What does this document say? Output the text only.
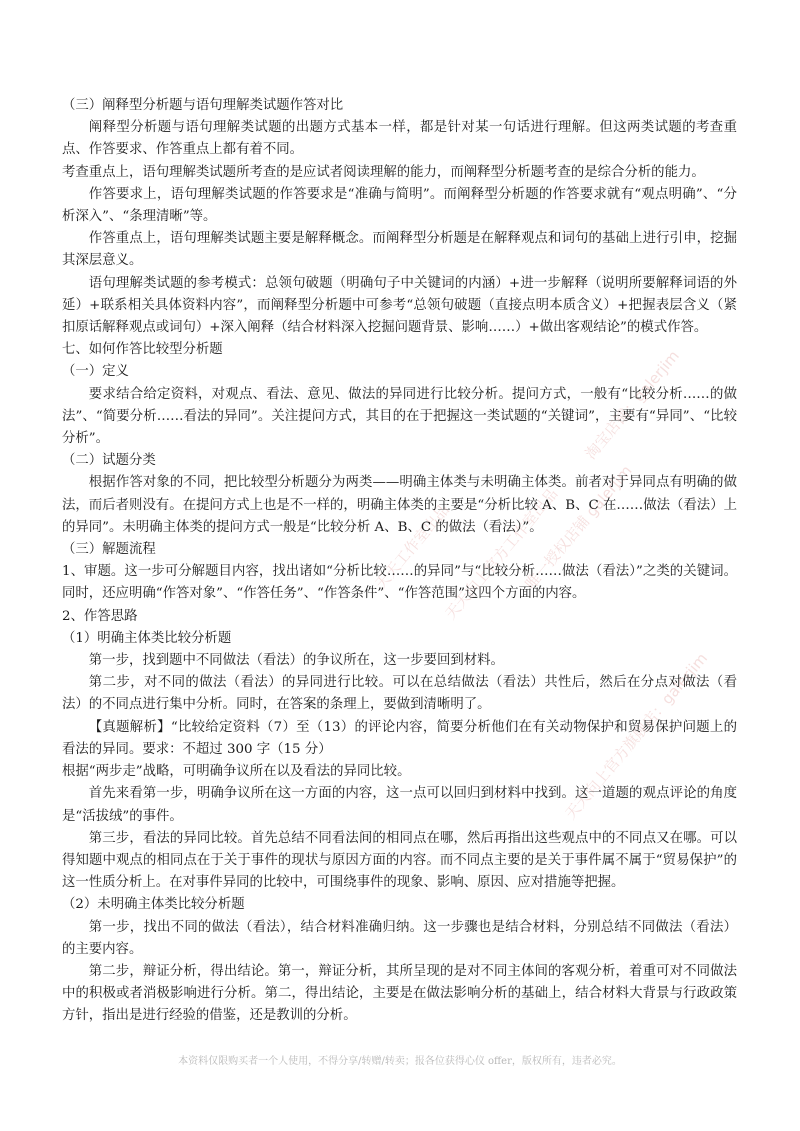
天天工作室出品
天天向上官方工作室出品
唯一授权店铺 galerjim
淘宝店铺：galerjim
天天向上官方旗舰店：galerjim

（三）阐释型分析题与语句理解类试题作答对比

阐释型分析题与语句理解类试题的出题方式基本一样，都是针对某一句话进行理解。但这两类试题的考查重点、作答要求、作答重点上都有着不同。

考查重点上，语句理解类试题所考查的是应试者阅读理解的能力，而阐释型分析题考查的是综合分析的能力。

作答要求上，语句理解类试题的作答要求是“准确与简明”。而阐释型分析题的作答要求就有“观点明确”、“分析深入”、“条理清晰”等。

作答重点上，语句理解类试题主要是解释概念。而阐释型分析题是在解释观点和词句的基础上进行引申，挖掘其深层意义。

语句理解类试题的参考模式：总领句破题（明确句子中关键词的内涵）+进一步解释（说明所要解释词语的外延）+联系相关具体资料内容”，而阐释型分析题中可参考“总领句破题（直接点明本质含义）+把握表层含义（紧扣原话解释观点或词句）+深入阐释（结合材料深入挖掘问题背景、影响……）+做出客观结论”的模式作答。

七、如何作答比较型分析题

（一）定义

要求结合给定资料，对观点、看法、意见、做法的异同进行比较分析。提问方式，一般有“比较分析……的做法”、“简要分析……看法的异同”。关注提问方式，其目的在于把握这一类试题的“关键词”，主要有“异同”、“比较分析”。

（二）试题分类

根据作答对象的不同，把比较型分析题分为两类——明确主体类与未明确主体类。前者对于异同点有明确的做法，而后者则没有。在提问方式上也是不一样的，明确主体类的主要是“分析比较 A、B、C 在……做法（看法）上的异同”。未明确主体类的提问方式一般是“比较分析 A、B、C 的做法（看法）”。

（三）解题流程

1、审题。这一步可分解题目内容，找出诸如“分析比较……的异同”与“比较分析……做法（看法）”之类的关键词。同时，还应明确“作答对象”、“作答任务”、“作答条件”、“作答范围”这四个方面的内容。

2、作答思路

（1）明确主体类比较分析题

第一步，找到题中不同做法（看法）的争议所在，这一步要回到材料。

第二步，对不同的做法（看法）的异同进行比较。可以在总结做法（看法）共性后，然后在分点对做法（看法）的不同点进行集中分析。同时，在答案的条理上，要做到清晰明了。

【真题解析】“比较给定资料（7）至（13）的评论内容，简要分析他们在有关动物保护和贸易保护问题上的看法的异同。要求：不超过 300 字（15 分）

根据“两步走”战略，可明确争议所在以及看法的异同比较。

首先来看第一步，明确争议所在这一方面的内容，这一点可以回归到材料中找到。这一道题的观点评论的角度是“活拔绒”的事件。

第三步，看法的异同比较。首先总结不同看法间的相同点在哪，然后再指出这些观点中的不同点又在哪。可以得知题中观点的相同点在于关于事件的现状与原因方面的内容。而不同点主要的是关于事件属不属于“贸易保护”的这一性质分析上。在对事件异同的比较中，可围绕事件的现象、影响、原因、应对措施等把握。

（2）未明确主体类比较分析题

第一步，找出不同的做法（看法），结合材料准确归纳。这一步骤也是结合材料，分别总结不同做法（看法）的主要内容。

第二步，辩证分析，得出结论。第一，辩证分析，其所呈现的是对不同主体间的客观分析，着重可对不同做法中的积极或者消极影响进行分析。第二，得出结论，主要是在做法影响分析的基础上，结合材料大背景与行政政策方针，指出是进行经验的借鉴，还是教训的分析。

本资料仅限购买者一个人使用，不得分享/转赠/转卖；报各位获得心仪 offer，版权所有，违者必究。
